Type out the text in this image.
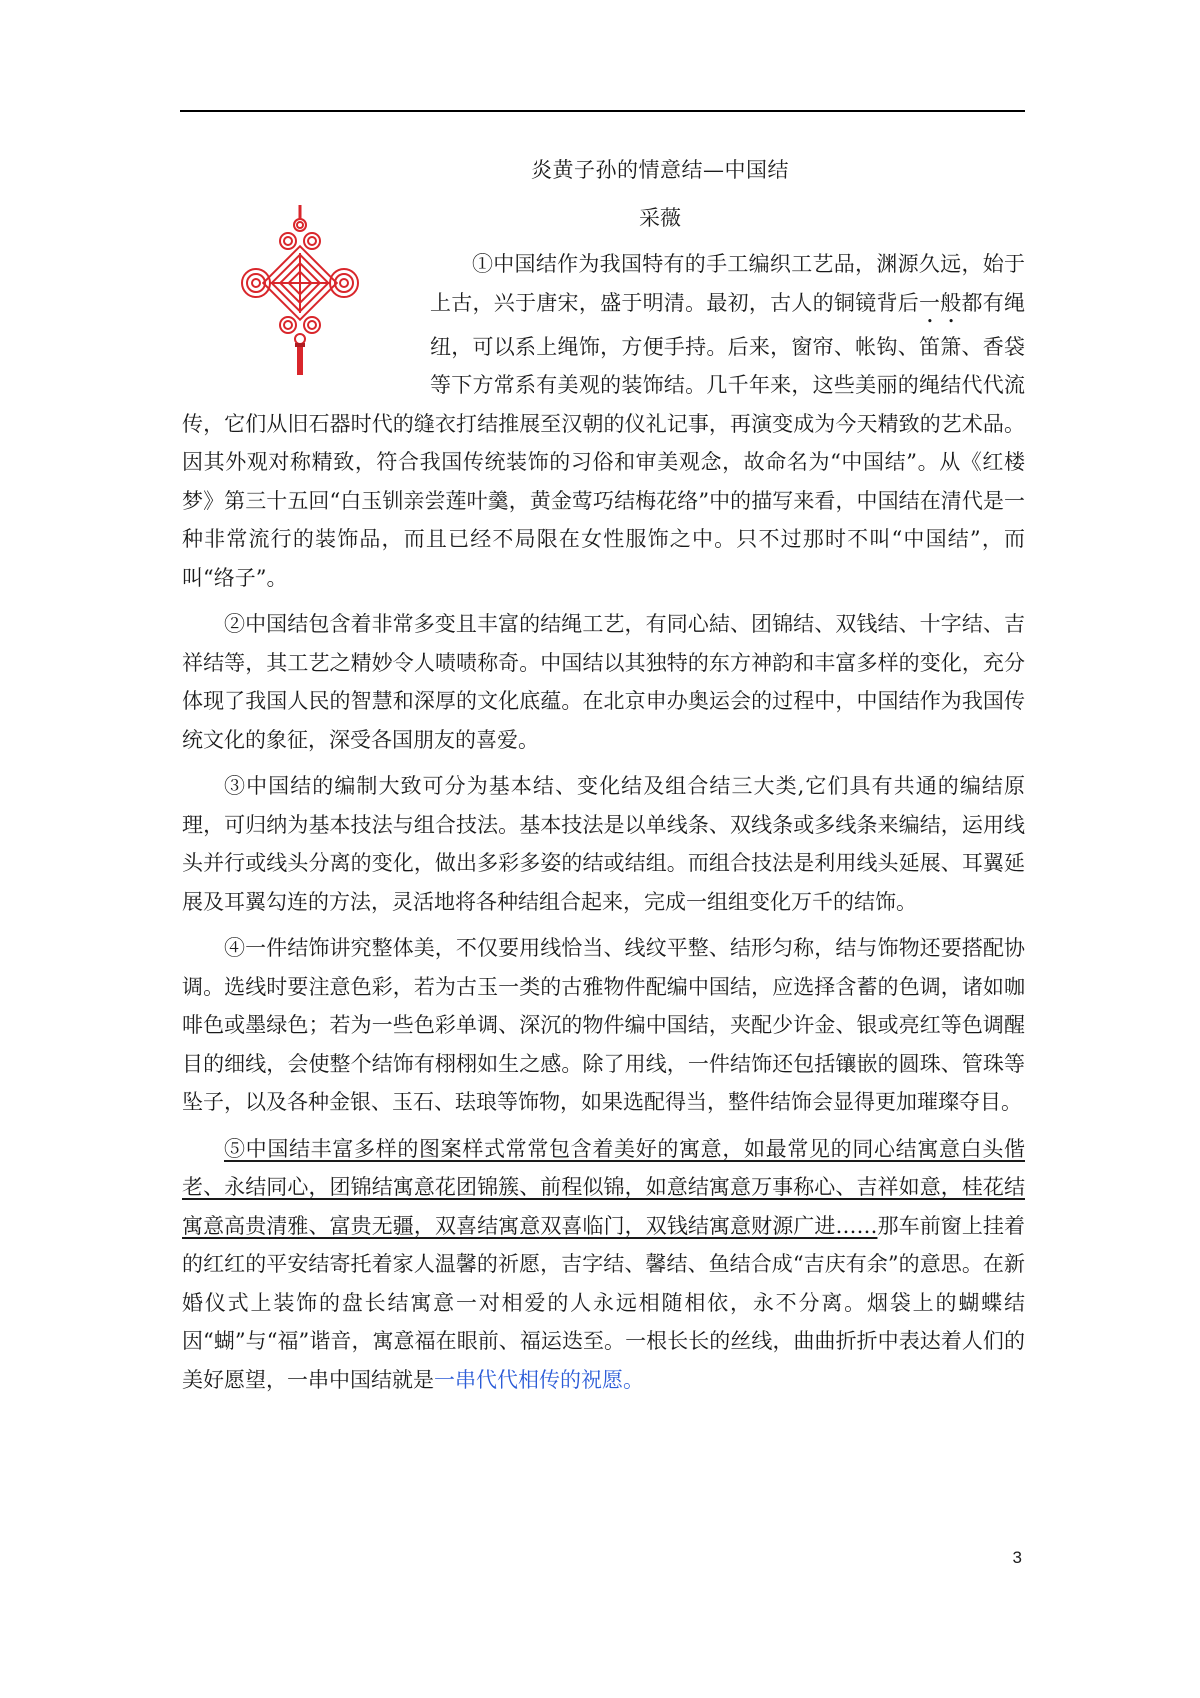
炎黄子孙的情意结—中国结
采薇

①中国结作为我国特有的手工编织工艺品，渊源久远，始于上古，兴于唐宋，盛于明清。最初，古人的铜镜背后一般都有绳纽，可以系上绳饰，方便手持。后来，窗帘、帐钩、笛箫、香袋等下方常系有美观的装饰结。几千年来，这些美丽的绳结代代流传，它们从旧石器时代的缝衣打结推展至汉朝的仪礼记事，再演变成为今天精致的艺术品。因其外观对称精致，符合我国传统装饰的习俗和审美观念，故命名为“中国结”。从《红楼梦》第三十五回“白玉钏亲尝莲叶羹，黄金莺巧结梅花络”中的描写来看，中国结在清代是一种非常流行的装饰品，而且已经不局限在女性服饰之中。只不过那时不叫“中国结”，而叫“络子”。

②中国结包含着非常多变且丰富的结绳工艺，有同心結、团锦结、双钱结、十字结、吉祥结等，其工艺之精妙令人啧啧称奇。中国结以其独特的东方神韵和丰富多样的变化，充分体现了我国人民的智慧和深厚的文化底蕴。在北京申办奥运会的过程中，中国结作为我国传统文化的象征，深受各国朋友的喜爱。

③中国结的编制大致可分为基本结、变化结及组合结三大类,它们具有共通的编结原理，可归纳为基本技法与组合技法。基本技法是以单线条、双线条或多线条来编结，运用线头并行或线头分离的变化，做出多彩多姿的结或结组。而组合技法是利用线头延展、耳翼延展及耳翼勾连的方法，灵活地将各种结组合起来，完成一组组变化万千的结饰。

④一件结饰讲究整体美，不仅要用线恰当、线纹平整、结形匀称，结与饰物还要搭配协调。选线时要注意色彩，若为古玉一类的古雅物件配编中国结，应选择含蓄的色调，诸如咖啡色或墨绿色；若为一些色彩单调、深沉的物件编中国结，夹配少许金、银或亮红等色调醒目的细线，会使整个结饰有栩栩如生之感。除了用线，一件结饰还包括镶嵌的圆珠、管珠等坠子，以及各种金银、玉石、珐琅等饰物，如果选配得当，整件结饰会显得更加璀璨夺目。

⑤中国结丰富多样的图案样式常常包含着美好的寓意，如最常见的同心结寓意白头偕老、永结同心，团锦结寓意花团锦簇、前程似锦，如意结寓意万事称心、吉祥如意，桂花结寓意高贵清雅、富贵无疆，双喜结寓意双喜临门，双钱结寓意财源广进……那车前窗上挂着的红红的平安结寄托着家人温馨的祈愿，吉字结、馨结、鱼结合成“吉庆有余”的意思。在新婚仪式上装饰的盘长结寓意一对相爱的人永远相随相依，永不分离。烟袋上的蝴蝶结因“蝴”与“福”谐音，寓意福在眼前、福运迭至。一根长长的丝线，曲曲折折中表达着人们的美好愿望，一串中国结就是一串代代相传的祝愿。

3
